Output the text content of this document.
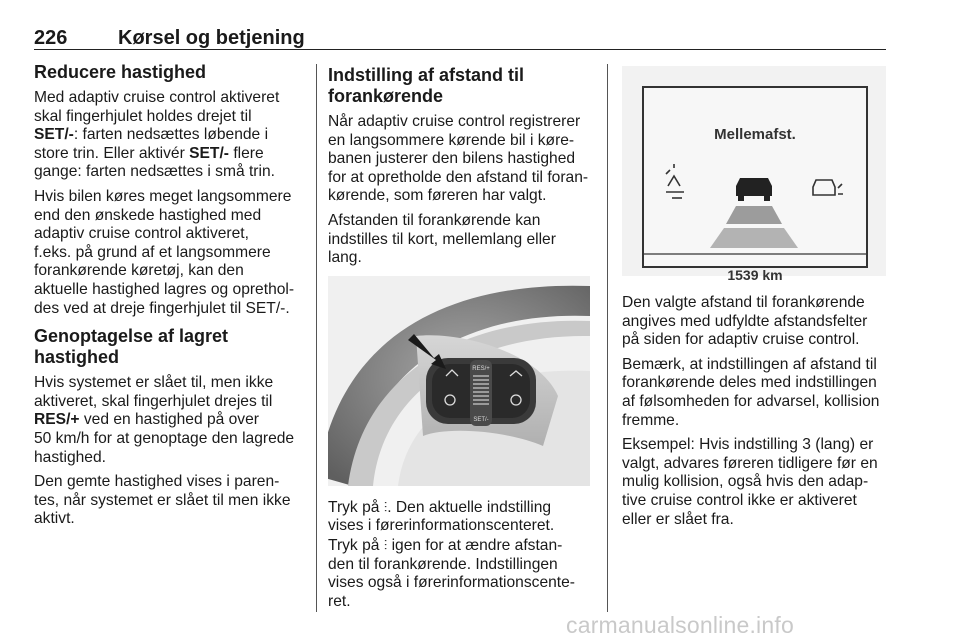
226	Kørsel og betjening
Reducere hastighed

Med adaptiv cruise control aktiveret
skal fingerhjulet holdes drejet til
SET/-: farten nedsættes løbende i
store trin. Eller aktivér SET/- flere
gange: farten nedsættes i små trin.

Hvis bilen køres meget langsommere
end den ønskede hastighed med
adaptiv cruise control aktiveret,
f.eks. på grund af et langsommere
forankørende køretøj, kan den
aktuelle hastighed lagres og oprethol-
des ved at dreje fingerhjulet til SET/-.

Genoptagelse af lagret hastighed

Hvis systemet er slået til, men ikke
aktiveret, skal fingerhjulet drejes til
RES/+ ved en hastighed på over
50 km/h for at genoptage den lagrede
hastighed.

Den gemte hastighed vises i paren-
tes, når systemet er slået til men ikke
aktivt.

Indstilling af afstand til
forankørende

Når adaptiv cruise control registrerer
en langsommere kørende bil i køre-
banen justerer den bilens hastighed
for at opretholde den afstand til foran-
kørende, som føreren har valgt.

Afstanden til forankørende kan
indstilles til kort, mellemlang eller
lang.

RES/+
SET/-

Tryk på ⫶. Den aktuelle indstilling
vises i førerinformationscenteret.
Tryk på ⫶ igen for at ændre afstan-
den til forankørende. Indstillingen
vises også i førerinformationscente-
ret.

Mellemafst.
1539 km

Den valgte afstand til forankørende
angives med udfyldte afstandsfelter
på siden for adaptiv cruise control.

Bemærk, at indstillingen af afstand til
forankørende deles med indstillingen
af følsomheden for advarsel, kollision
fremme.

Eksempel: Hvis indstilling 3 (lang) er
valgt, advares føreren tidligere før en
mulig kollision, også hvis den adap-
tive cruise control ikke er aktiveret
eller er slået fra.

carmanualsonline.info
